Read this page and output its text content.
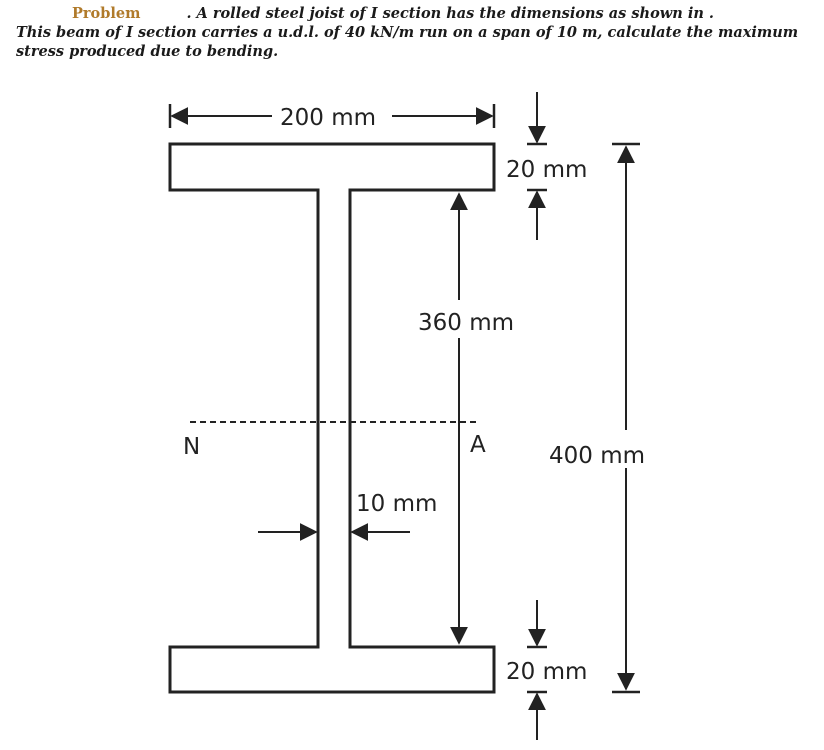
Problem	. A rolled steel joist of I section has the dimensions as shown in .
This beam of I section carries a u.d.l. of 40 kN/m run on a span of 10 m, calculate the maximum stress produced due to bending.
200 mm
20 mm
360 mm
400 mm
N	A
10 mm
20 mm
